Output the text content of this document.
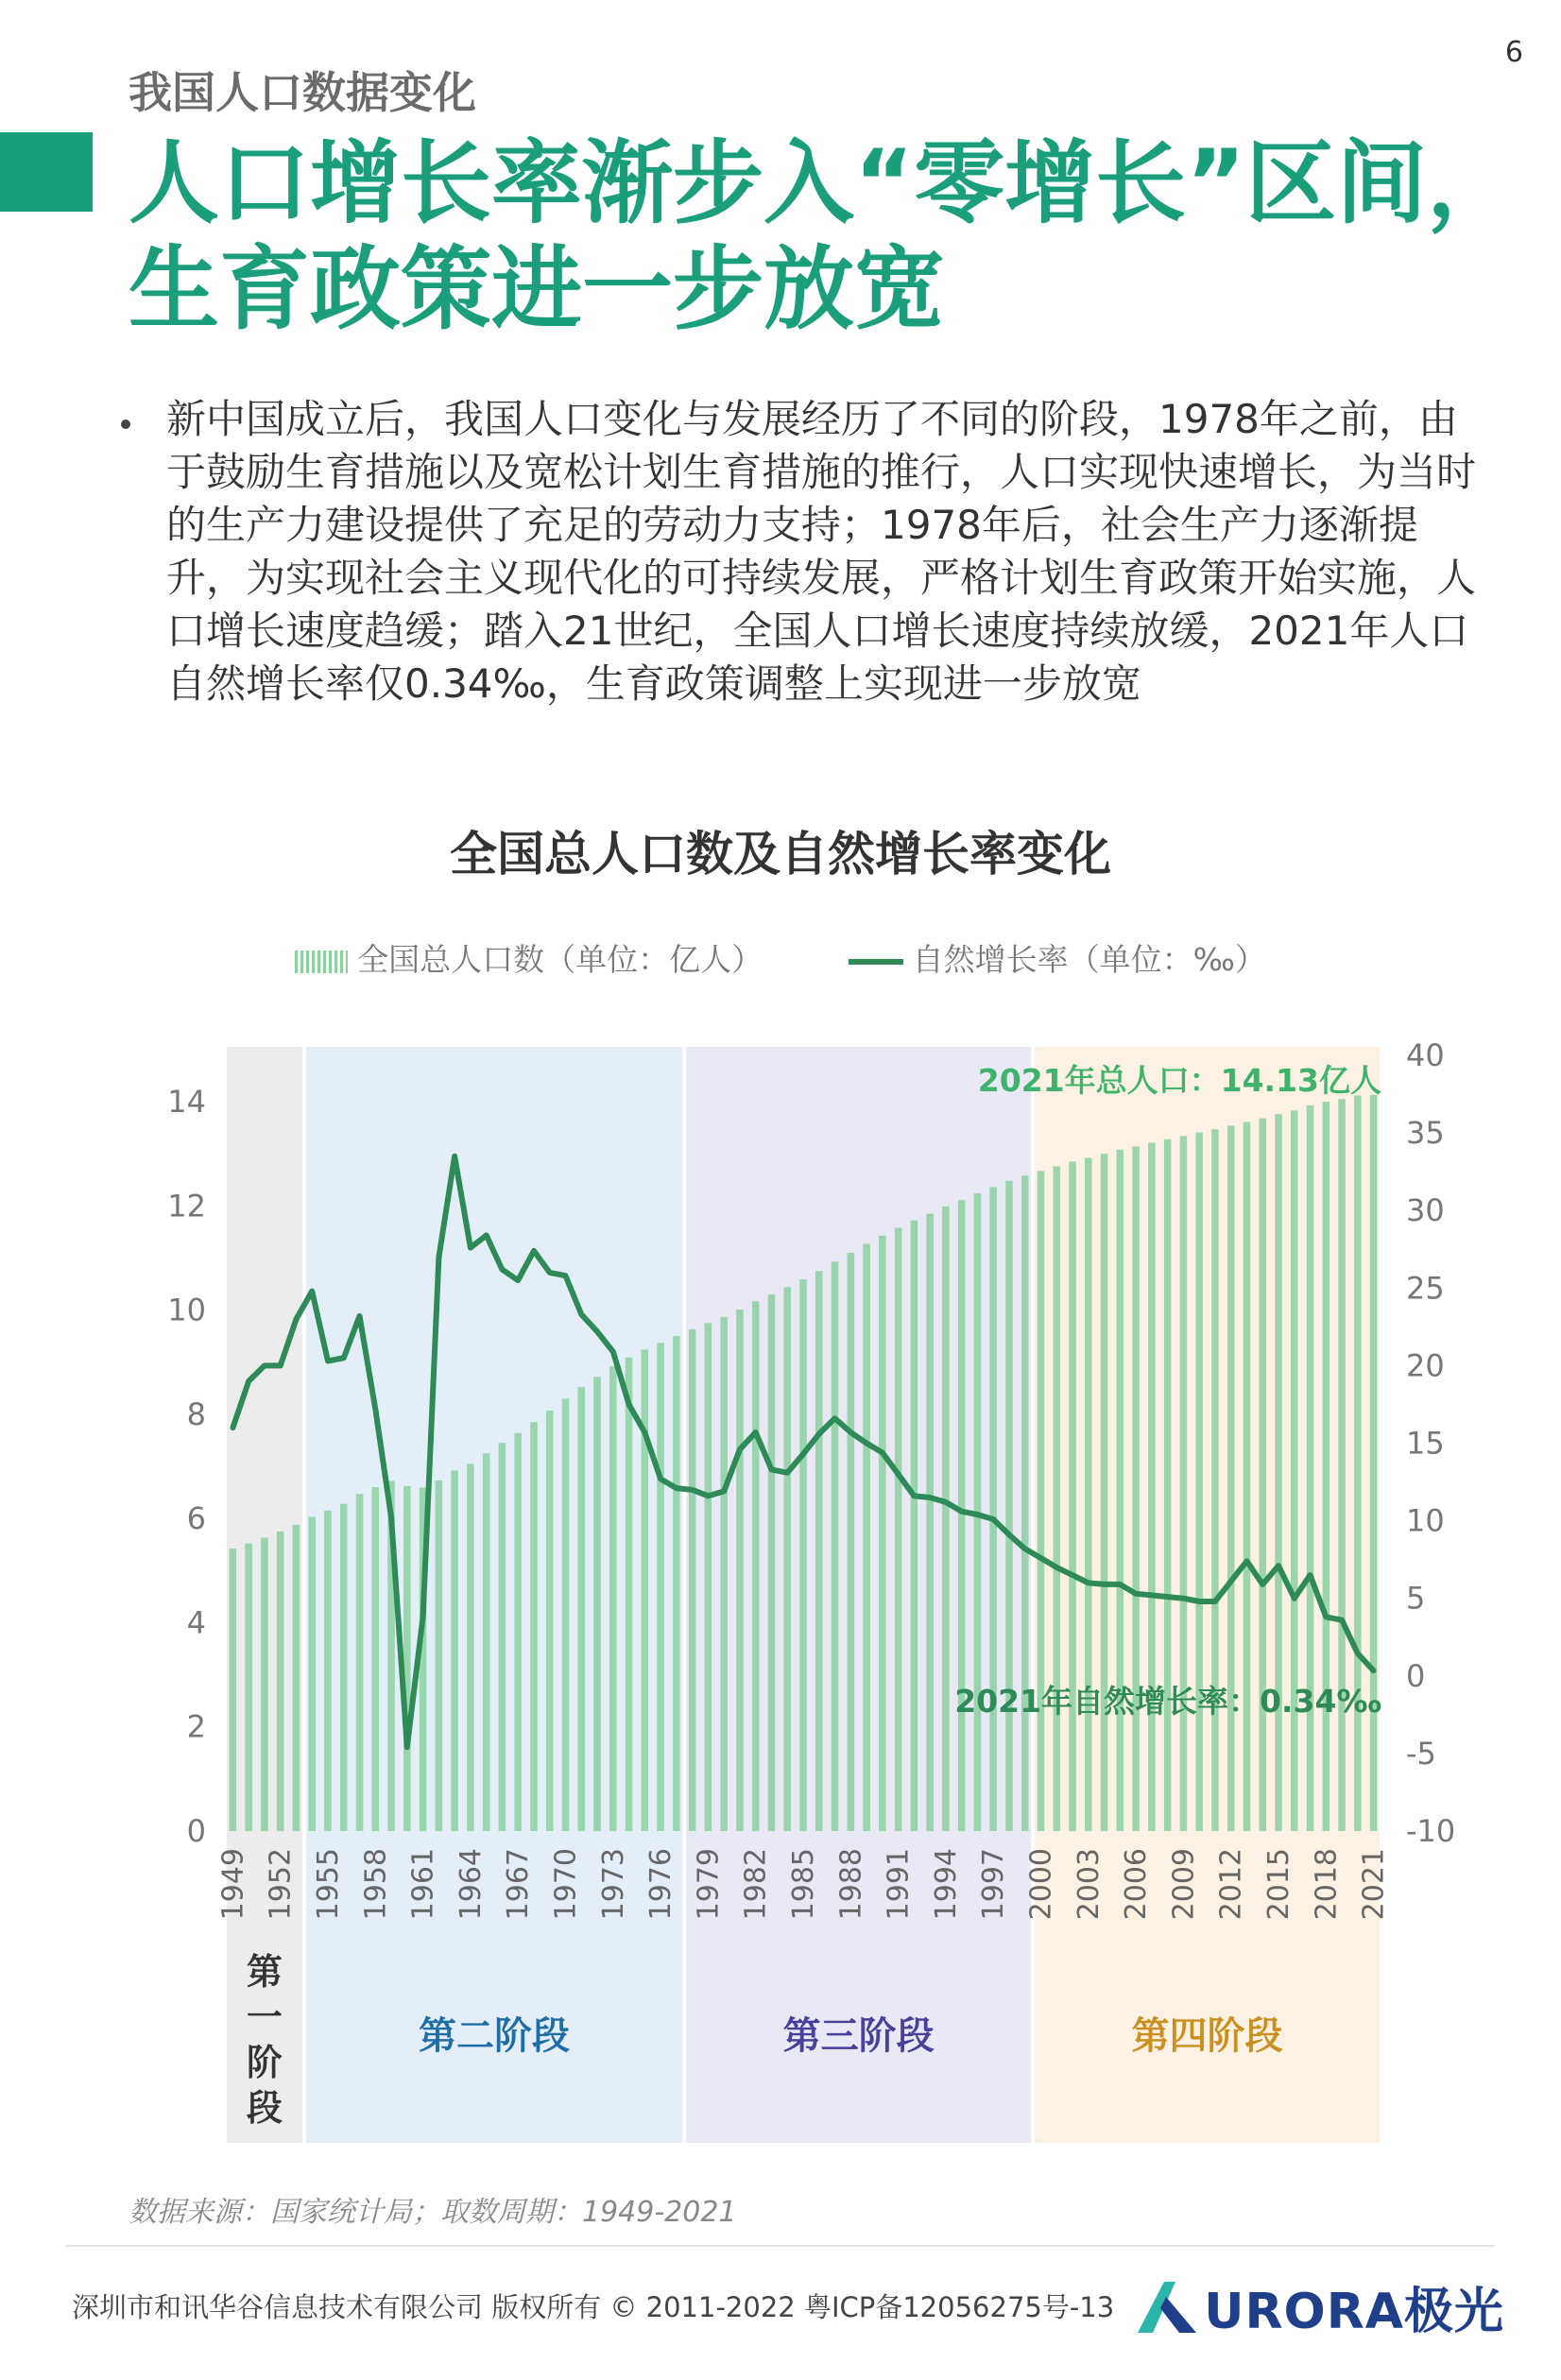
6
我国人口数据变化
人口增长率渐步入“零增长”区间，
生育政策进一步放宽
新中国成立后，我国人口变化与发展经历了不同的阶段，1978年之前，由于鼓励生育措施以及宽松计划生育措施的推行，人口实现快速增长，为当时的生产力建设提供了充足的劳动力支持；1978年后，社会生产力逐渐提升，为实现社会主义现代化的可持续发展，严格计划生育政策开始实施，人口增长速度趋缓；踏入21世纪，全国人口增长速度持续放缓，2021年人口自然增长率仅0.34‰，生育政策调整上实现进一步放宽
全国总人口数及自然增长率变化
全国总人口数（单位：亿人）	自然增长率（单位：‰）
0
2
4
6
8
10
12
14
-10
-5
0
5
10
15
20
25
30
35
40
1949 1952 1955 1958 1961 1964 1967 1970 1973 1976 1979 1982 1985 1988 1991 1994 1997 2000 2003 2006 2009 2012 2015 2018 2021
第一阶段
第二阶段	第三阶段	第四阶段
2021年总人口：14.13亿人
2021年自然增长率：0.34‰
数据来源：国家统计局；取数周期：1949-2021
深圳市和讯华谷信息技术有限公司 版权所有 © 2011-2022 粤ICP备12056275号-13 URORA极光
